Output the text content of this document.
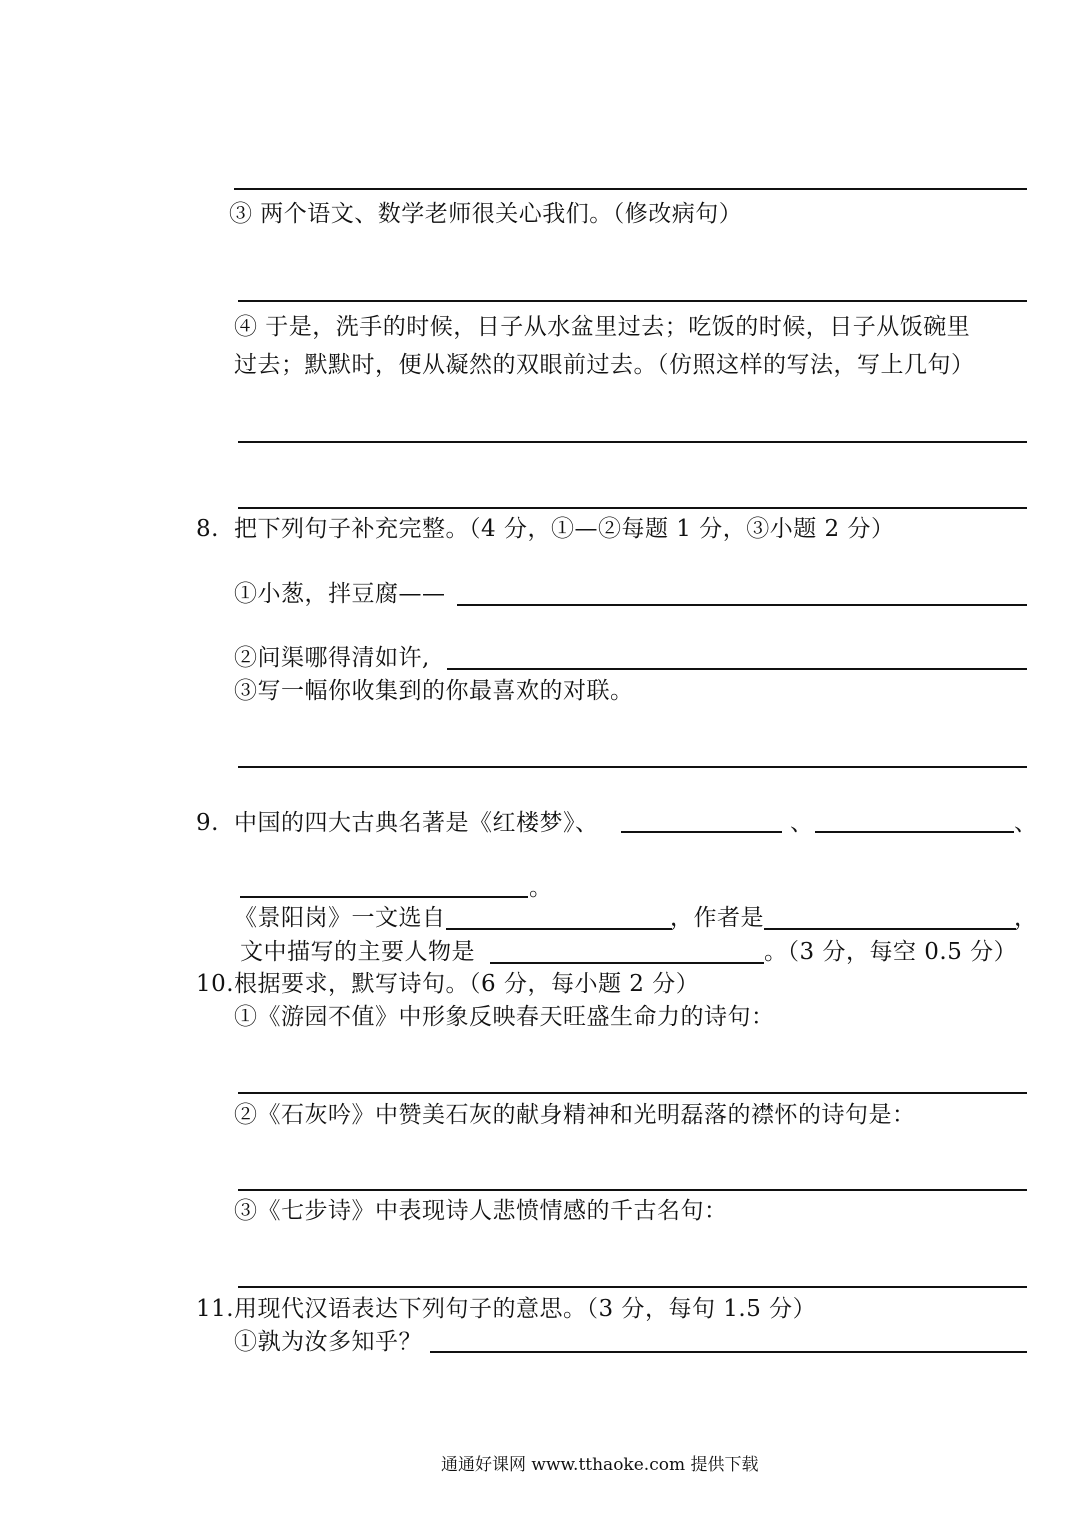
③ 两个语文、数学老师很关心我们。（修改病句）
④ 于是，洗手的时候，日子从水盆里过去；吃饭的时候，日子从饭碗里
过去；默默时，便从凝然的双眼前过去。（仿照这样的写法，写上几句）
8. 把下列句子补充完整。（4 分，①—②每题 1 分，③小题 2 分）
①小葱，拌豆腐——
②问渠哪得清如许,
③写一幅你收集到的你最喜欢的对联。
9. 中国的四大古典名著是《红楼梦》、	、	、
。
《景阳岗》一文选自	，作者是	，
文中描写的主要人物是	。（3 分，每空 0.5 分）
10. 根据要求，默写诗句。（6 分，每小题 2 分）
①《游园不值》中形象反映春天旺盛生命力的诗句：
②《石灰吟》中赞美石灰的献身精神和光明磊落的襟怀的诗句是：
③《七步诗》中表现诗人悲愤情感的千古名句：
11. 用现代汉语表达下列句子的意思。（3 分，每句 1.5 分）
①孰为汝多知乎？
通通好课网 www.tthaoke.com 提供下载
